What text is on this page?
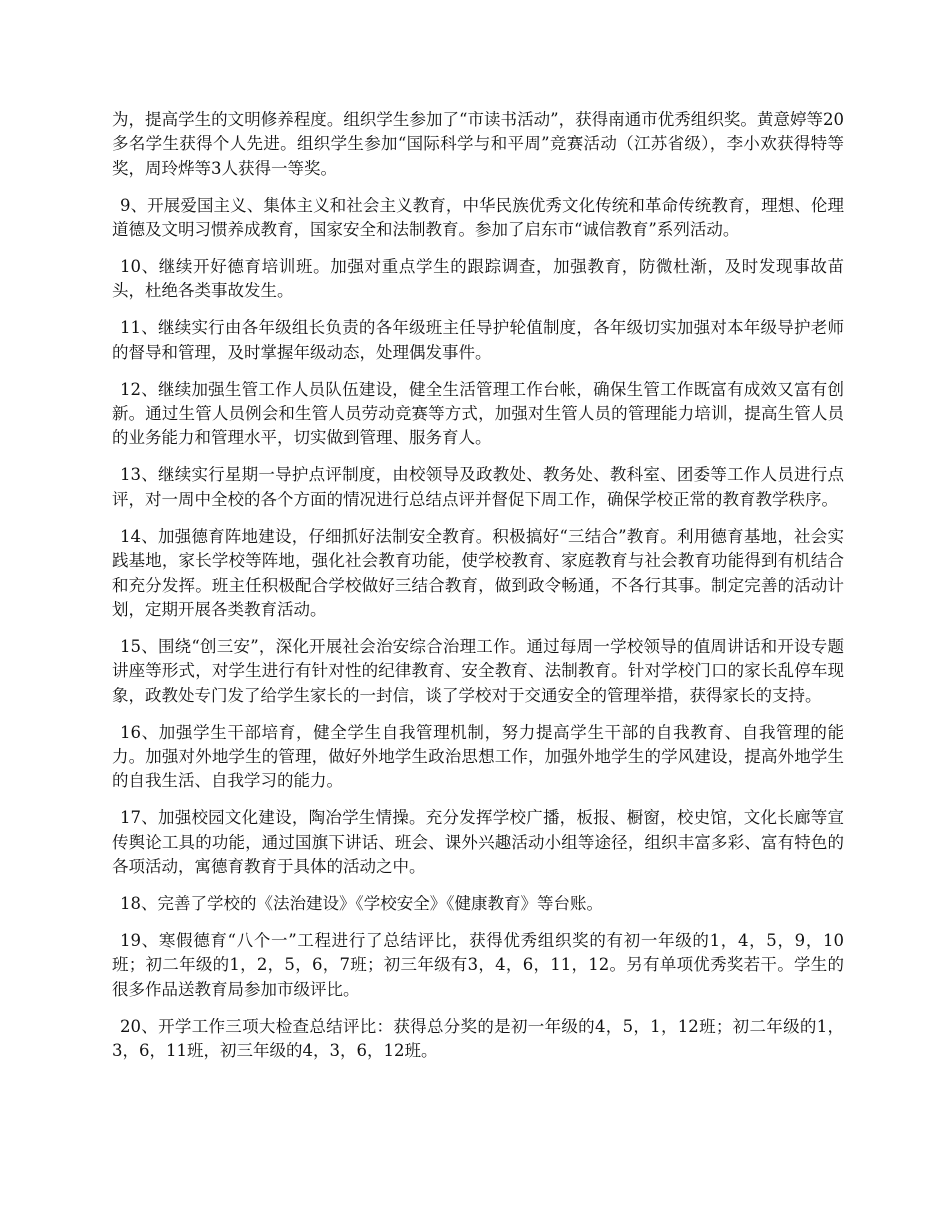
为，提高学生的文明修养程度。组织学生参加了“市读书活动”，获得南通市优秀组织奖。黄意婷等20多名学生获得个人先进。组织学生参加“国际科学与和平周”竞赛活动（江苏省级），李小欢获得特等奖，周玲烨等3人获得一等奖。

9、开展爱国主义、集体主义和社会主义教育，中华民族优秀文化传统和革命传统教育，理想、伦理道德及文明习惯养成教育，国家安全和法制教育。参加了启东市“诚信教育”系列活动。

10、继续开好德育培训班。加强对重点学生的跟踪调查，加强教育，防微杜渐，及时发现事故苗头，杜绝各类事故发生。

11、继续实行由各年级组长负责的各年级班主任导护轮值制度，各年级切实加强对本年级导护老师的督导和管理，及时掌握年级动态，处理偶发事件。

12、继续加强生管工作人员队伍建设，健全生活管理工作台帐，确保生管工作既富有成效又富有创新。通过生管人员例会和生管人员劳动竞赛等方式，加强对生管人员的管理能力培训，提高生管人员的业务能力和管理水平，切实做到管理、服务育人。

13、继续实行星期一导护点评制度，由校领导及政教处、教务处、教科室、团委等工作人员进行点评，对一周中全校的各个方面的情况进行总结点评并督促下周工作，确保学校正常的教育教学秩序。

14、加强德育阵地建设，仔细抓好法制安全教育。积极搞好“三结合”教育。利用德育基地，社会实践基地，家长学校等阵地，强化社会教育功能，使学校教育、家庭教育与社会教育功能得到有机结合和充分发挥。班主任积极配合学校做好三结合教育，做到政令畅通，不各行其事。制定完善的活动计划，定期开展各类教育活动。

15、围绕“创三安”，深化开展社会治安综合治理工作。通过每周一学校领导的值周讲话和开设专题讲座等形式，对学生进行有针对性的纪律教育、安全教育、法制教育。针对学校门口的家长乱停车现象，政教处专门发了给学生家长的一封信，谈了学校对于交通安全的管理举措，获得家长的支持。

16、加强学生干部培育，健全学生自我管理机制，努力提高学生干部的自我教育、自我管理的能力。加强对外地学生的管理，做好外地学生政治思想工作，加强外地学生的学风建设，提高外地学生的自我生活、自我学习的能力。

17、加强校园文化建设，陶冶学生情操。充分发挥学校广播，板报、橱窗，校史馆，文化长廊等宣传舆论工具的功能，通过国旗下讲话、班会、课外兴趣活动小组等途径，组织丰富多彩、富有特色的各项活动，寓德育教育于具体的活动之中。

18、完善了学校的《法治建设》《学校安全》《健康教育》等台账。

19、寒假德育“八个一”工程进行了总结评比，获得优秀组织奖的有初一年级的1，4，5，9，10班；初二年级的1，2，5，6，7班；初三年级有3，4，6，11，12。另有单项优秀奖若干。学生的很多作品送教育局参加市级评比。

20、开学工作三项大检查总结评比：获得总分奖的是初一年级的4，5，1，12班；初二年级的1，3，6，11班，初三年级的4，3，6，12班。
